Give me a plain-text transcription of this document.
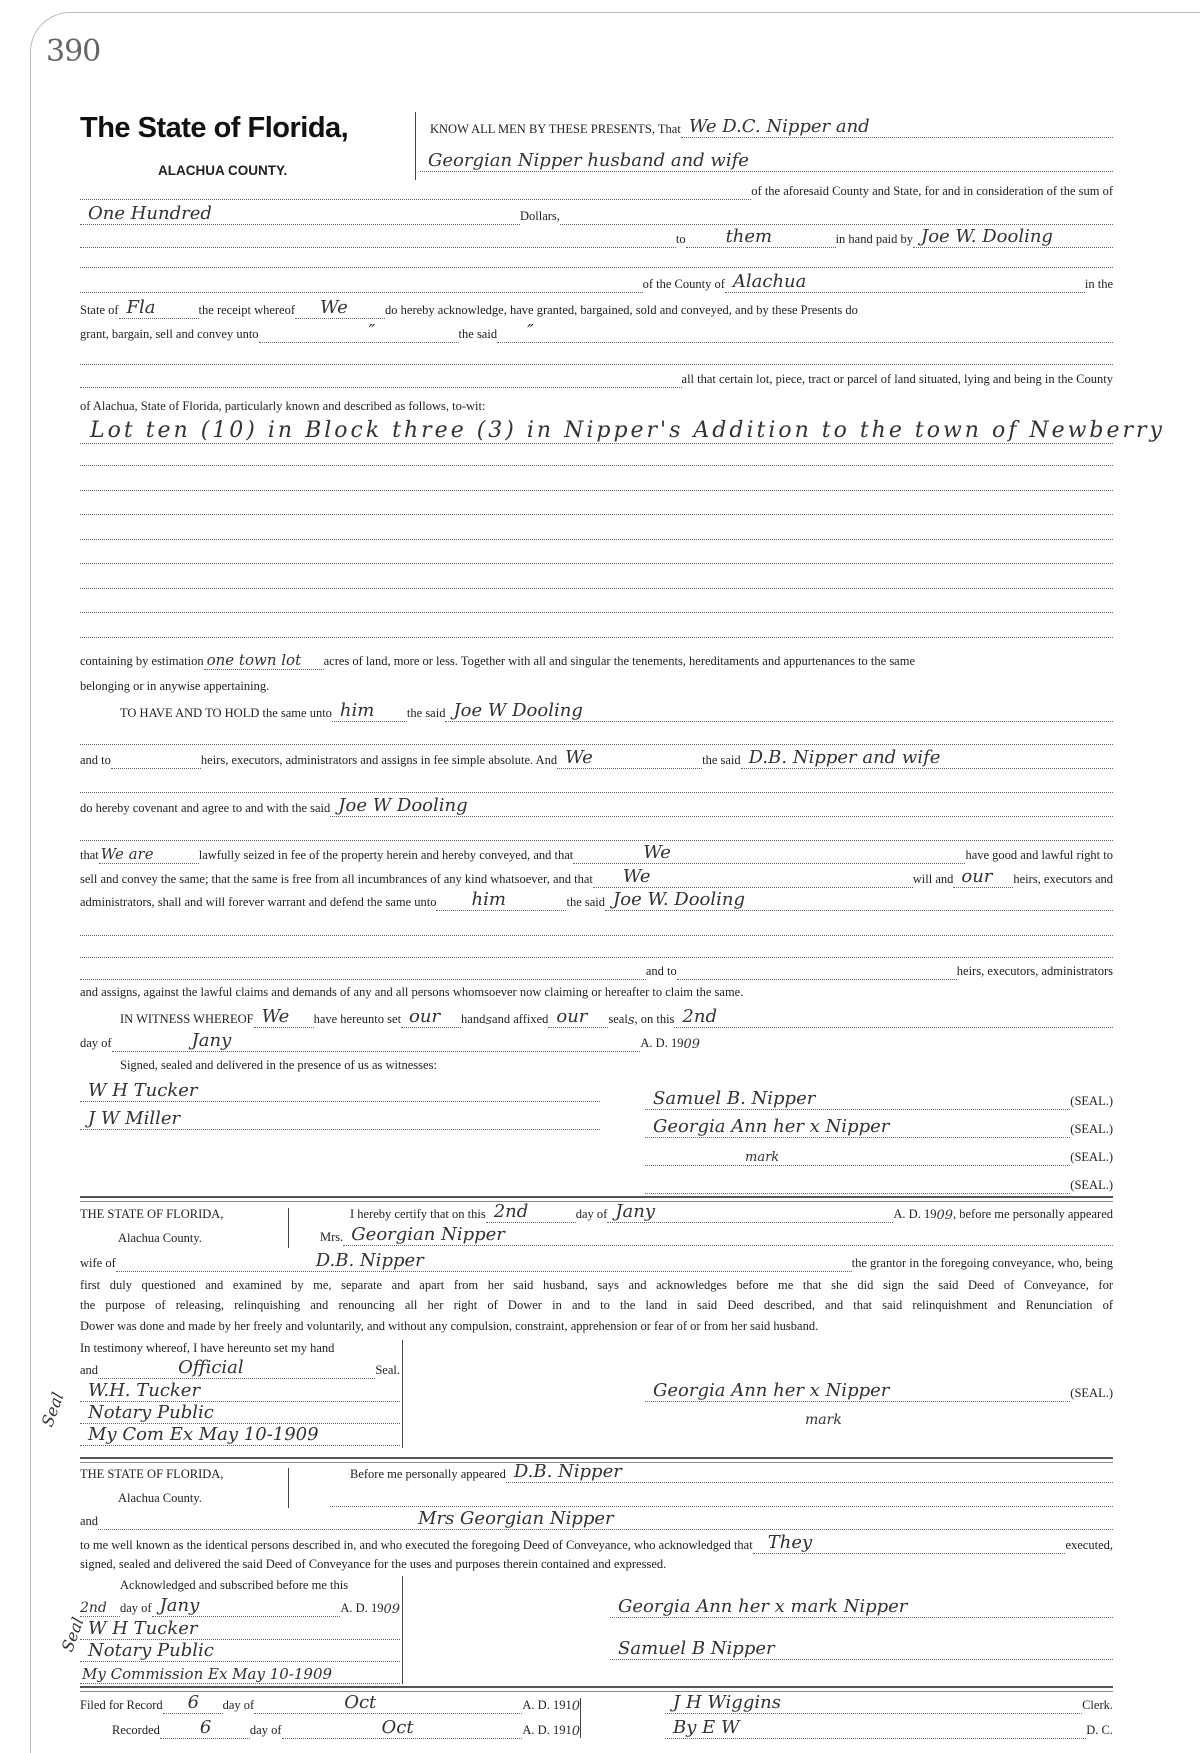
390
The State of Florida,
ALACHUA COUNTY.
KNOW ALL MEN BY THESE PRESENTS, That We D.C. Nipper and
Georgian Nipper husband and wife
of the aforesaid County and State, for and in consideration of the sum of
One Hundred	Dollars,
to them	in hand paid by Joe W. Dooling
of the County of Alachua	in the
State of Fla	the receipt whereof We	do hereby acknowledge, have granted, bargained, sold and conveyed, and by these Presents do
grant, bargain, sell and convey unto	″	the said ″
all that certain lot, piece, tract or parcel of land situated, lying and being in the County
of Alachua, State of Florida, particularly known and described as follows, to-wit:
Lot ten (10) in Block three (3) in Nipper's Addition to the town of Newberry
containing by estimation one town lot acres of land, more or less. Together with all and singular the tenements, hereditaments and appurtenances to the same
belonging or in anywise appertaining.
TO HAVE AND TO HOLD the same unto him	the said Joe W Dooling
and to	heirs, executors, administrators and assigns in fee simple absolute. And We	the said D.B. Nipper and wife
do hereby covenant and agree to and with the said Joe W Dooling
that We are	lawfully seized in fee of the property herein and hereby conveyed, and that	We	have good and lawful right to
sell and convey the same; that the same is free from all incumbrances of any kind whatsoever, and that We	will and our heirs, executors and
administrators, shall and will forever warrant and defend the same unto him	the said Joe W. Dooling
and to	heirs, executors, administrators
and assigns, against the lawful claims and demands of any and all persons whomsoever now claiming or hereafter to claim the same.
IN WITNESS WHEREOF We have hereunto set our hand s and affixed our seal s , on this 2nd
day of	Jany	A. D. 19 09
Signed, sealed and delivered in the presence of us as witnesses:
W H Tucker
J W Miller
Samuel B. Nipper	(SEAL.)
Georgia Ann her x Nipper	(SEAL.)
mark	(SEAL.)
(SEAL.)
THE STATE OF FLORIDA,
Alachua County.
I hereby certify that on this 2nd	day of Jany	A. D. 19 09 , before me personally appeared
Mrs. Georgian Nipper
wife of	D.B. Nipper	the grantor in the foregoing conveyance, who, being
first duly questioned and examined by me, separate and apart from her said husband, says and acknowledges before me that she did sign the said Deed of Conveyance, for
the purpose of releasing, relinquishing and renouncing all her right of Dower in and to the land in said Deed described, and that said relinquishment and Renunciation of
Dower was done and made by her freely and voluntarily, and without any compulsion, constraint, apprehension or fear of or from her said husband.
In testimony whereof, I have hereunto set my hand
and	Official	Seal.
W.H. Tucker
Notary Public
My Com Ex May 10-1909
Seal	Georgia Ann her x Nipper	(SEAL.)
mark
THE STATE OF FLORIDA,
Alachua County.
Before me personally appeared D.B. Nipper
and	Mrs Georgian Nipper
to me well known as the identical persons described in, and who executed the foregoing Deed of Conveyance, who acknowledged that They	executed,
signed, sealed and delivered the said Deed of Conveyance for the uses and purposes therein contained and expressed.
Acknowledged and subscribed before me this
2nd day of Jany	A. D. 19 09
W H Tucker
Notary Public
My Commission Ex May 10-1909
Seal
Georgia Ann her x mark Nipper
Samuel B Nipper
Filed for Record 6 day of	Oct	A. D. 191 0
Recorded 6	day of	Oct	A. D. 191 0
J H Wiggins	Clerk.
By E W	D. C.
